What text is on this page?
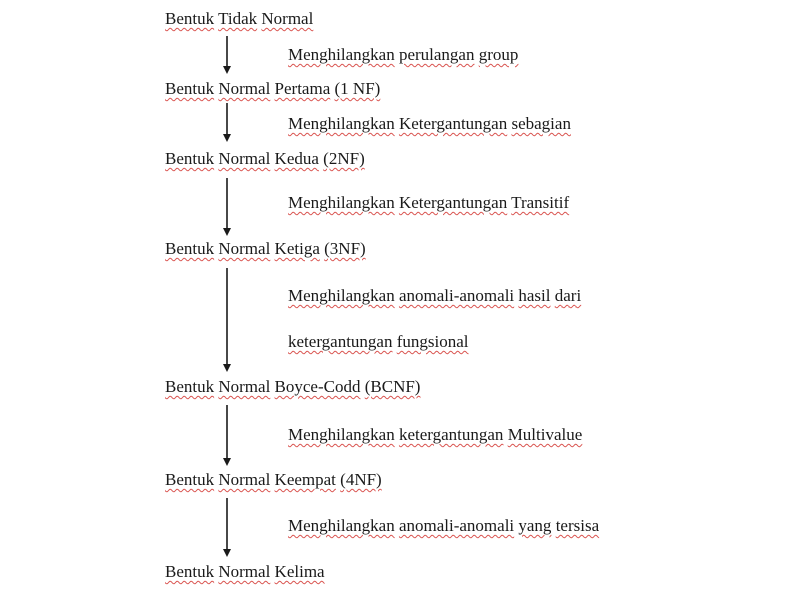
Bentuk Tidak Normal
Bentuk Normal Pertama (1 NF)
Bentuk Normal Kedua (2NF)
Bentuk Normal Ketiga (3NF)
Bentuk Normal Boyce-Codd (BCNF)
Bentuk Normal Keempat (4NF)
Bentuk Normal Kelima
Menghilangkan perulangan group
Menghilangkan Ketergantungan sebagian
Menghilangkan Ketergantungan Transitif
Menghilangkan anomali-anomali hasil dari
ketergantungan fungsional
Menghilangkan ketergantungan Multivalue
Menghilangkan anomali-anomali yang tersisa
